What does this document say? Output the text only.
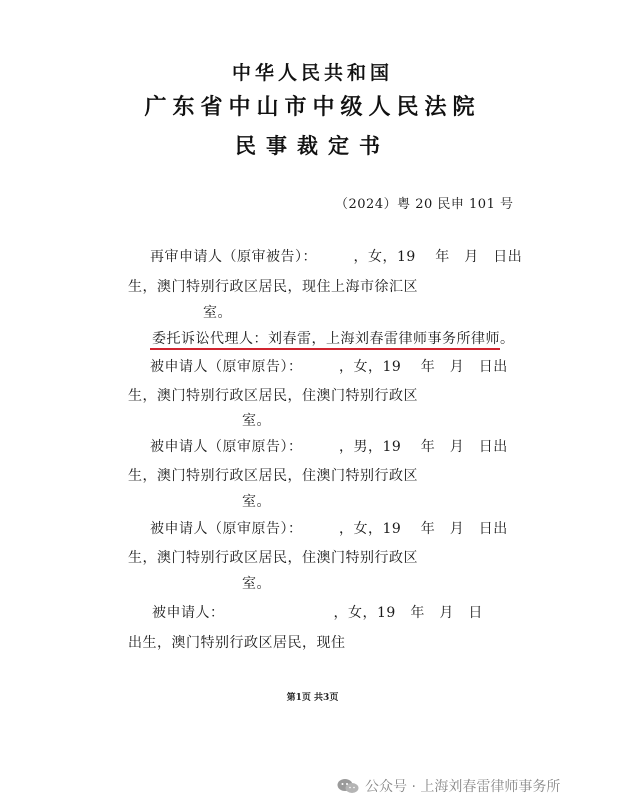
中华人民共和国
广东省中山市中级人民法院
民事裁定书
（2024）粤 20 民申 101 号
再审申请人（原审被告）：　　　，女，19　 年　月　日出
生，澳门特别行政区居民，现住上海市徐汇区
室。
委托诉讼代理人：刘春雷，上海刘春雷律师事务所律师。
被申请人（原审原告）：　　　，女，19　 年　月　日出
生，澳门特别行政区居民，住澳门特别行政区
室。
被申请人（原审原告）：　　　，男，19　 年　月　日出
生，澳门特别行政区居民，住澳门特别行政区
室。
被申请人（原审原告）：　　　，女，19　 年　月　日出
生，澳门特别行政区居民，住澳门特别行政区
室。
被申请人：　　　　　　　　，女，19　年　月　日
出生，澳门特别行政区居民，现住
第1页 共3页
公众号 · 上海刘春雷律师事务所
